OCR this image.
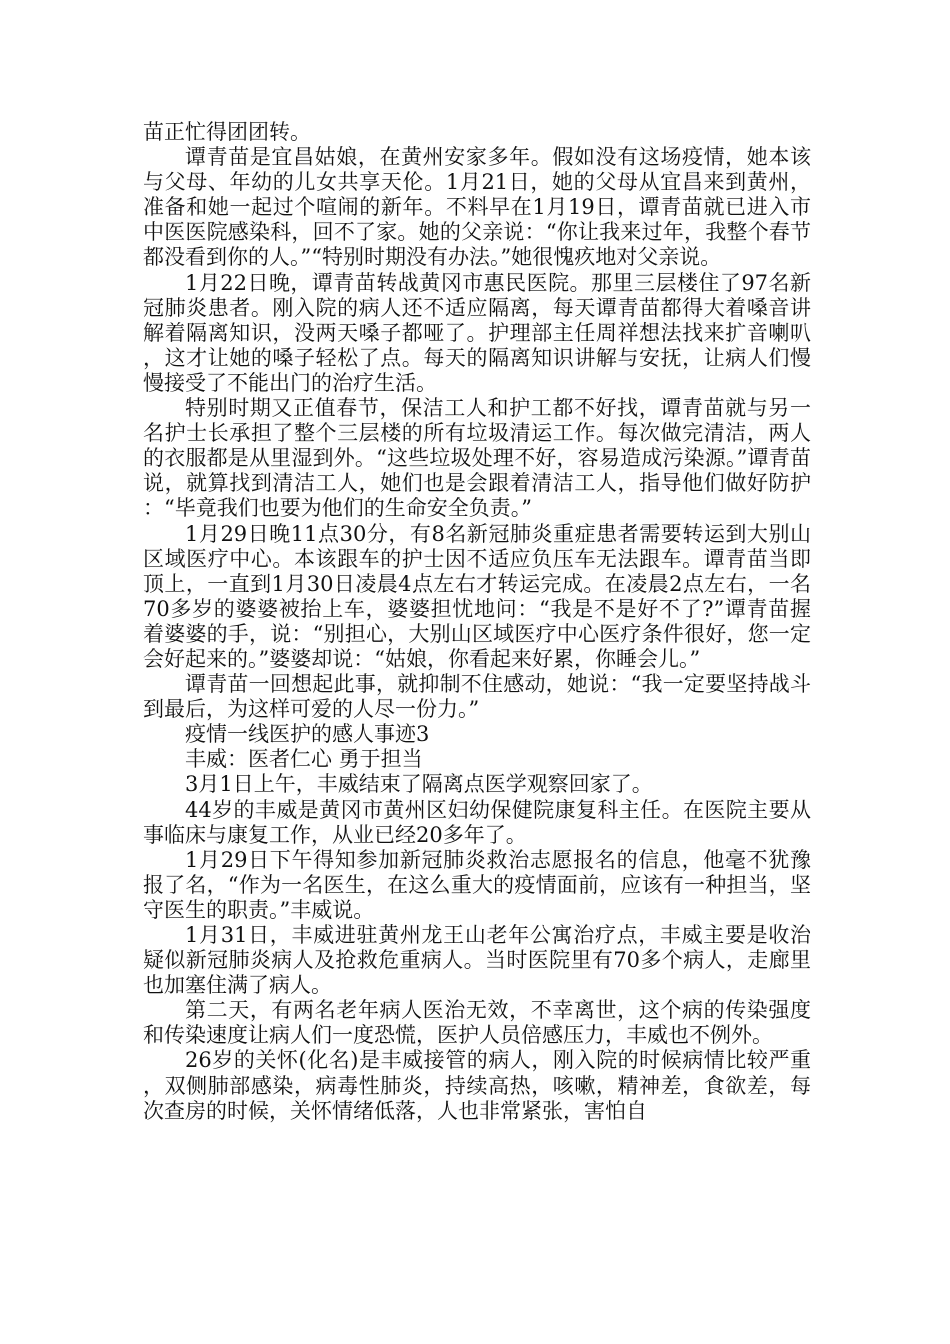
苗正忙得团团转。

谭青苗是宜昌姑娘，在黄州安家多年。假如没有这场疫情，她本该与父母、年幼的儿女共享天伦。1月21日，她的父母从宜昌来到黄州，准备和她一起过个喧闹的新年。不料早在1月19日，谭青苗就已进入市中医医院感染科，回不了家。她的父亲说：“你让我来过年，我整个春节都没看到你的人。”“特别时期没有办法。”她很愧疚地对父亲说。

1月22日晚，谭青苗转战黄冈市惠民医院。那里三层楼住了97名新冠肺炎患者。刚入院的病人还不适应隔离，每天谭青苗都得大着嗓音讲解着隔离知识，没两天嗓子都哑了。护理部主任周祥想法找来扩音喇叭，这才让她的嗓子轻松了点。每天的隔离知识讲解与安抚，让病人们慢慢接受了不能出门的治疗生活。

特别时期又正值春节，保洁工人和护工都不好找，谭青苗就与另一名护士长承担了整个三层楼的所有垃圾清运工作。每次做完清洁，两人的衣服都是从里湿到外。“这些垃圾处理不好，容易造成污染源。”谭青苗说，就算找到清洁工人，她们也是会跟着清洁工人，指导他们做好防护：“毕竟我们也要为他们的生命安全负责。”

1月29日晚11点30分，有8名新冠肺炎重症患者需要转运到大别山区域医疗中心。本该跟车的护士因不适应负压车无法跟车。谭青苗当即顶上，一直到1月30日凌晨4点左右才转运完成。在凌晨2点左右，一名70多岁的婆婆被抬上车，婆婆担忧地问：“我是不是好不了?”谭青苗握着婆婆的手，说：“别担心，大别山区域医疗中心医疗条件很好，您一定会好起来的。”婆婆却说：“姑娘，你看起来好累，你睡会儿。”

谭青苗一回想起此事，就抑制不住感动，她说：“我一定要坚持战斗到最后，为这样可爱的人尽一份力。”

疫情一线医护的感人事迹3

丰威：医者仁心 勇于担当

3月1日上午，丰威结束了隔离点医学观察回家了。

44岁的丰威是黄冈市黄州区妇幼保健院康复科主任。在医院主要从事临床与康复工作，从业已经20多年了。

1月29日下午得知参加新冠肺炎救治志愿报名的信息，他毫不犹豫报了名，“作为一名医生，在这么重大的疫情面前，应该有一种担当，坚守医生的职责。”丰威说。

1月31日，丰威进驻黄州龙王山老年公寓治疗点，丰威主要是收治疑似新冠肺炎病人及抢救危重病人。当时医院里有70多个病人，走廊里也加塞住满了病人。

第二天，有两名老年病人医治无效，不幸离世，这个病的传染强度和传染速度让病人们一度恐慌，医护人员倍感压力，丰威也不例外。

26岁的关怀(化名)是丰威接管的病人，刚入院的时候病情比较严重，双侧肺部感染，病毒性肺炎，持续高热，咳嗽，精神差，食欲差，每次查房的时候，关怀情绪低落，人也非常紧张，害怕自
